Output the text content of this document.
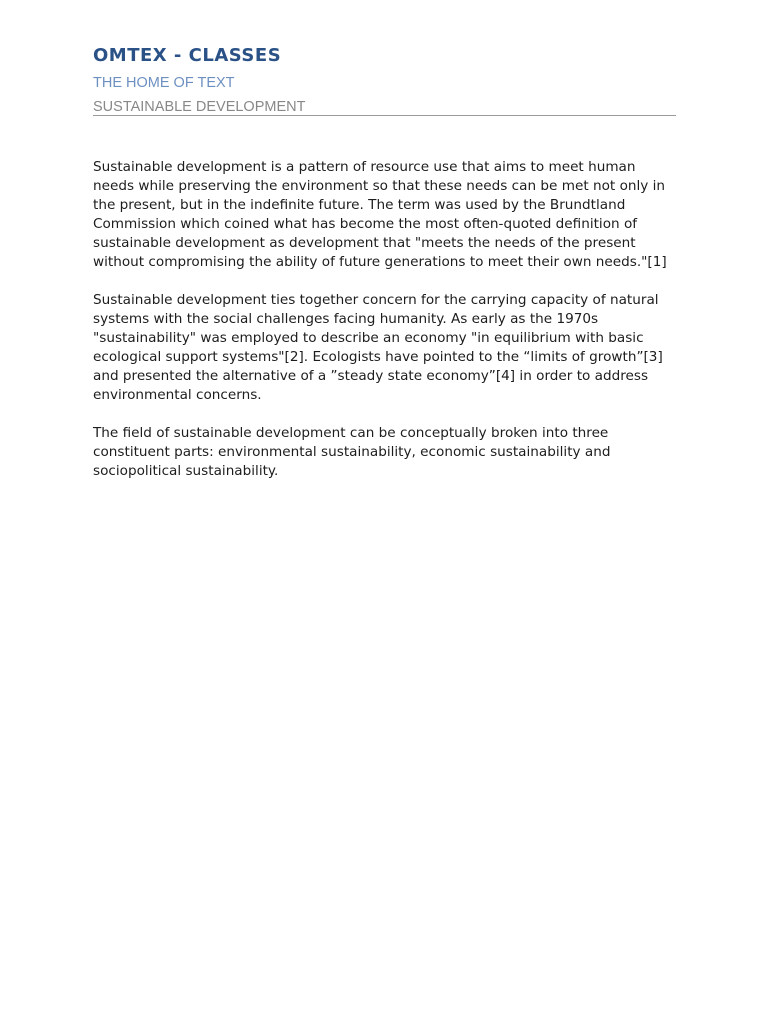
OMTEX - CLASSES
THE HOME OF TEXT
SUSTAINABLE DEVELOPMENT

Sustainable development is a pattern of resource use that aims to meet human needs while preserving the environment so that these needs can be met not only in the present, but in the indefinite future. The term was used by the Brundtland Commission which coined what has become the most often-quoted definition of sustainable development as development that "meets the needs of the present without compromising the ability of future generations to meet their own needs."[1]

Sustainable development ties together concern for the carrying capacity of natural systems with the social challenges facing humanity. As early as the 1970s "sustainability" was employed to describe an economy "in equilibrium with basic ecological support systems"[2]. Ecologists have pointed to the “limits of growth”[3] and presented the alternative of a ”steady state economy”[4] in order to address environmental concerns.

The field of sustainable development can be conceptually broken into three constituent parts: environmental sustainability, economic sustainability and sociopolitical sustainability.
